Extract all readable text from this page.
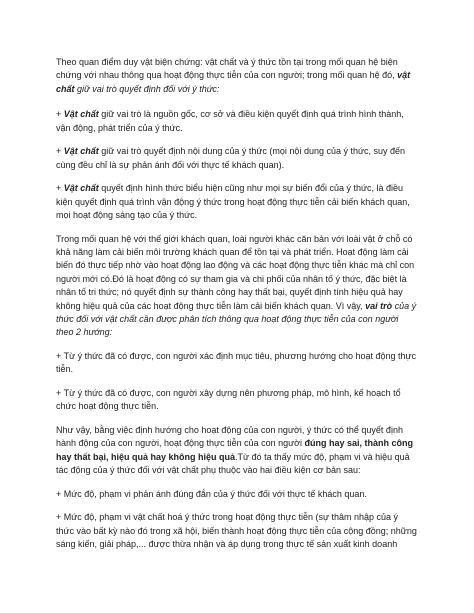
Theo quan điểm duy vật biện chứng: vật chất và ý thức tồn tại trong mối quan hệ biện chứng với nhau thông qua hoạt động thực tiễn của con người; trong mối quan hệ đó, vật chất giữ vai trò quyết định đối với ý thức:

+ Vật chất giữ vai trò là nguồn gốc, cơ sở và điều kiện quyết định quá trình hình thành, vận động, phát triển của ý thức.

+ Vật chất giữ vai trò quyết định nội dung của ý thức (mọi nội dung của ý thức, suy đến cùng đều chỉ là sự phản ánh đối với thực tế khách quan).

+ Vật chất quyết định hình thức biểu hiện cũng như mọi sự biến đổi của ý thức, là điều kiện quyết định quá trình vận động ý thức trong hoạt động thực tiễn cải biến khách quan, mọi hoạt động sáng tạo của ý thức.

Trong mối quan hệ với thế giới khách quan, loài người khác căn bản với loài vật ở chỗ có khả năng làm cải biến môi trường khách quan để tồn tại và phát triển. Hoạt động làm cải biến đó thực tiếp nhờ vào hoạt động lao động và các hoạt động thực tiễn khác mà chỉ con người mới có.Đó là hoạt động có sự tham gia và chi phối của nhân tố ý thức, đặc biệt là nhân tố tri thức; nó quyết định sự thành công hay thất bại, quyết định tính hiệu quả hay không hiệu quả của các hoạt động thực tiễn làm cải biến khách quan. Vì vậy, vai trò của ý thức đối với vật chất cần được phân tích thông qua hoạt động thực tiễn của con người theo 2 hướng:

+ Từ ý thức đã có được, con người xác định mục tiêu, phương hướng cho hoạt động thực tiễn.

+ Từ ý thức đã có được, con người xây dựng nên phương pháp, mô hình, kế hoạch tổ chức hoạt động thực tiễn.

Như vậy, bằng việc định hướng cho hoạt động của con người, ý thức có thể quyết định hành động của con người, hoạt động thực tiễn của con người đúng hay sai, thành công hay thất bại, hiệu quả hay không hiệu quả.Từ đó ta thấy mức độ, phạm vi và hiệu quả tác động của ý thức đối với vật chất phụ thuộc vào hai điều kiện cơ bản sau:

+ Mức độ, phạm vi phản ánh đúng đắn của ý thức đối với thực tế khách quan.

+ Mức độ, phạm vi vật chất hoá ý thức trong hoạt động thực tiễn (sự thâm nhập của ý thức vào bất kỳ nào đó trong xã hội, biến thành hoạt động thực tiễn của cộng đồng; những sáng kiến, giải pháp,... được thừa nhận và áp dụng trong thực tế sản xuất kinh doanh
